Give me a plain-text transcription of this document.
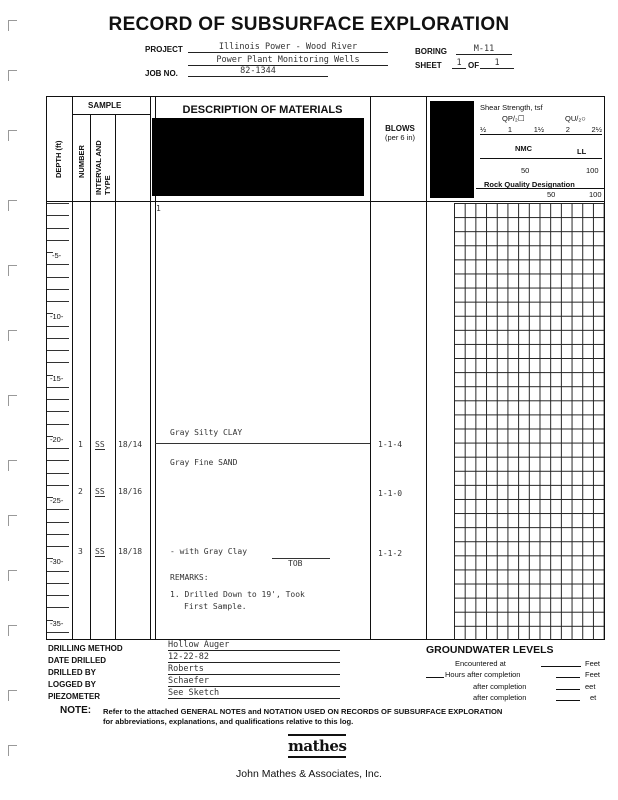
RECORD OF SUBSURFACE EXPLORATION
PROJECT	Illinois Power - Wood River
Power Plant Monitoring Wells
JOB NO.	82-1344
BORING	M-11
SHEET	1 OF	1
SAMPLE
DEPTH (ft) NUMBER INTERVAL AND TYPE
DESCRIPTION OF MATERIALS
BLOWS
(per 6 in)
Shear Strength, tsf
QP/₂☐	QU/₂○
½	1	1½	2	2½
NMC	LL
50	100
Rock Quality Designation
50	100
-5-
-10-
-15-
-20-
-25-
-30-
-35-
1
1 SS 18/14	1-1-4
2 SS 18/16	1-1-0
3 SS 18/18	1-1-2
Gray Silty CLAY
Gray Fine SAND
- with Gray Clay
TOB
REMARKS:
1. Drilled Down to 19', Took
First Sample.
DRILLING METHOD	Hollow Auger
DATE DRILLED	12-22-82
DRILLED BY	Roberts
LOGGED BY	Schaefer
PIEZOMETER	See Sketch
GROUNDWATER LEVELS
Encountered at	Feet
Hours after completion	Feet
after completion	eet
after completion	et
NOTE: Refer to the attached GENERAL NOTES and NOTATION USED ON RECORDS OF SUBSURFACE EXPLORATION
for abbreviations, explanations, and qualifications relative to this log.
mathes
John Mathes & Associates, Inc.
